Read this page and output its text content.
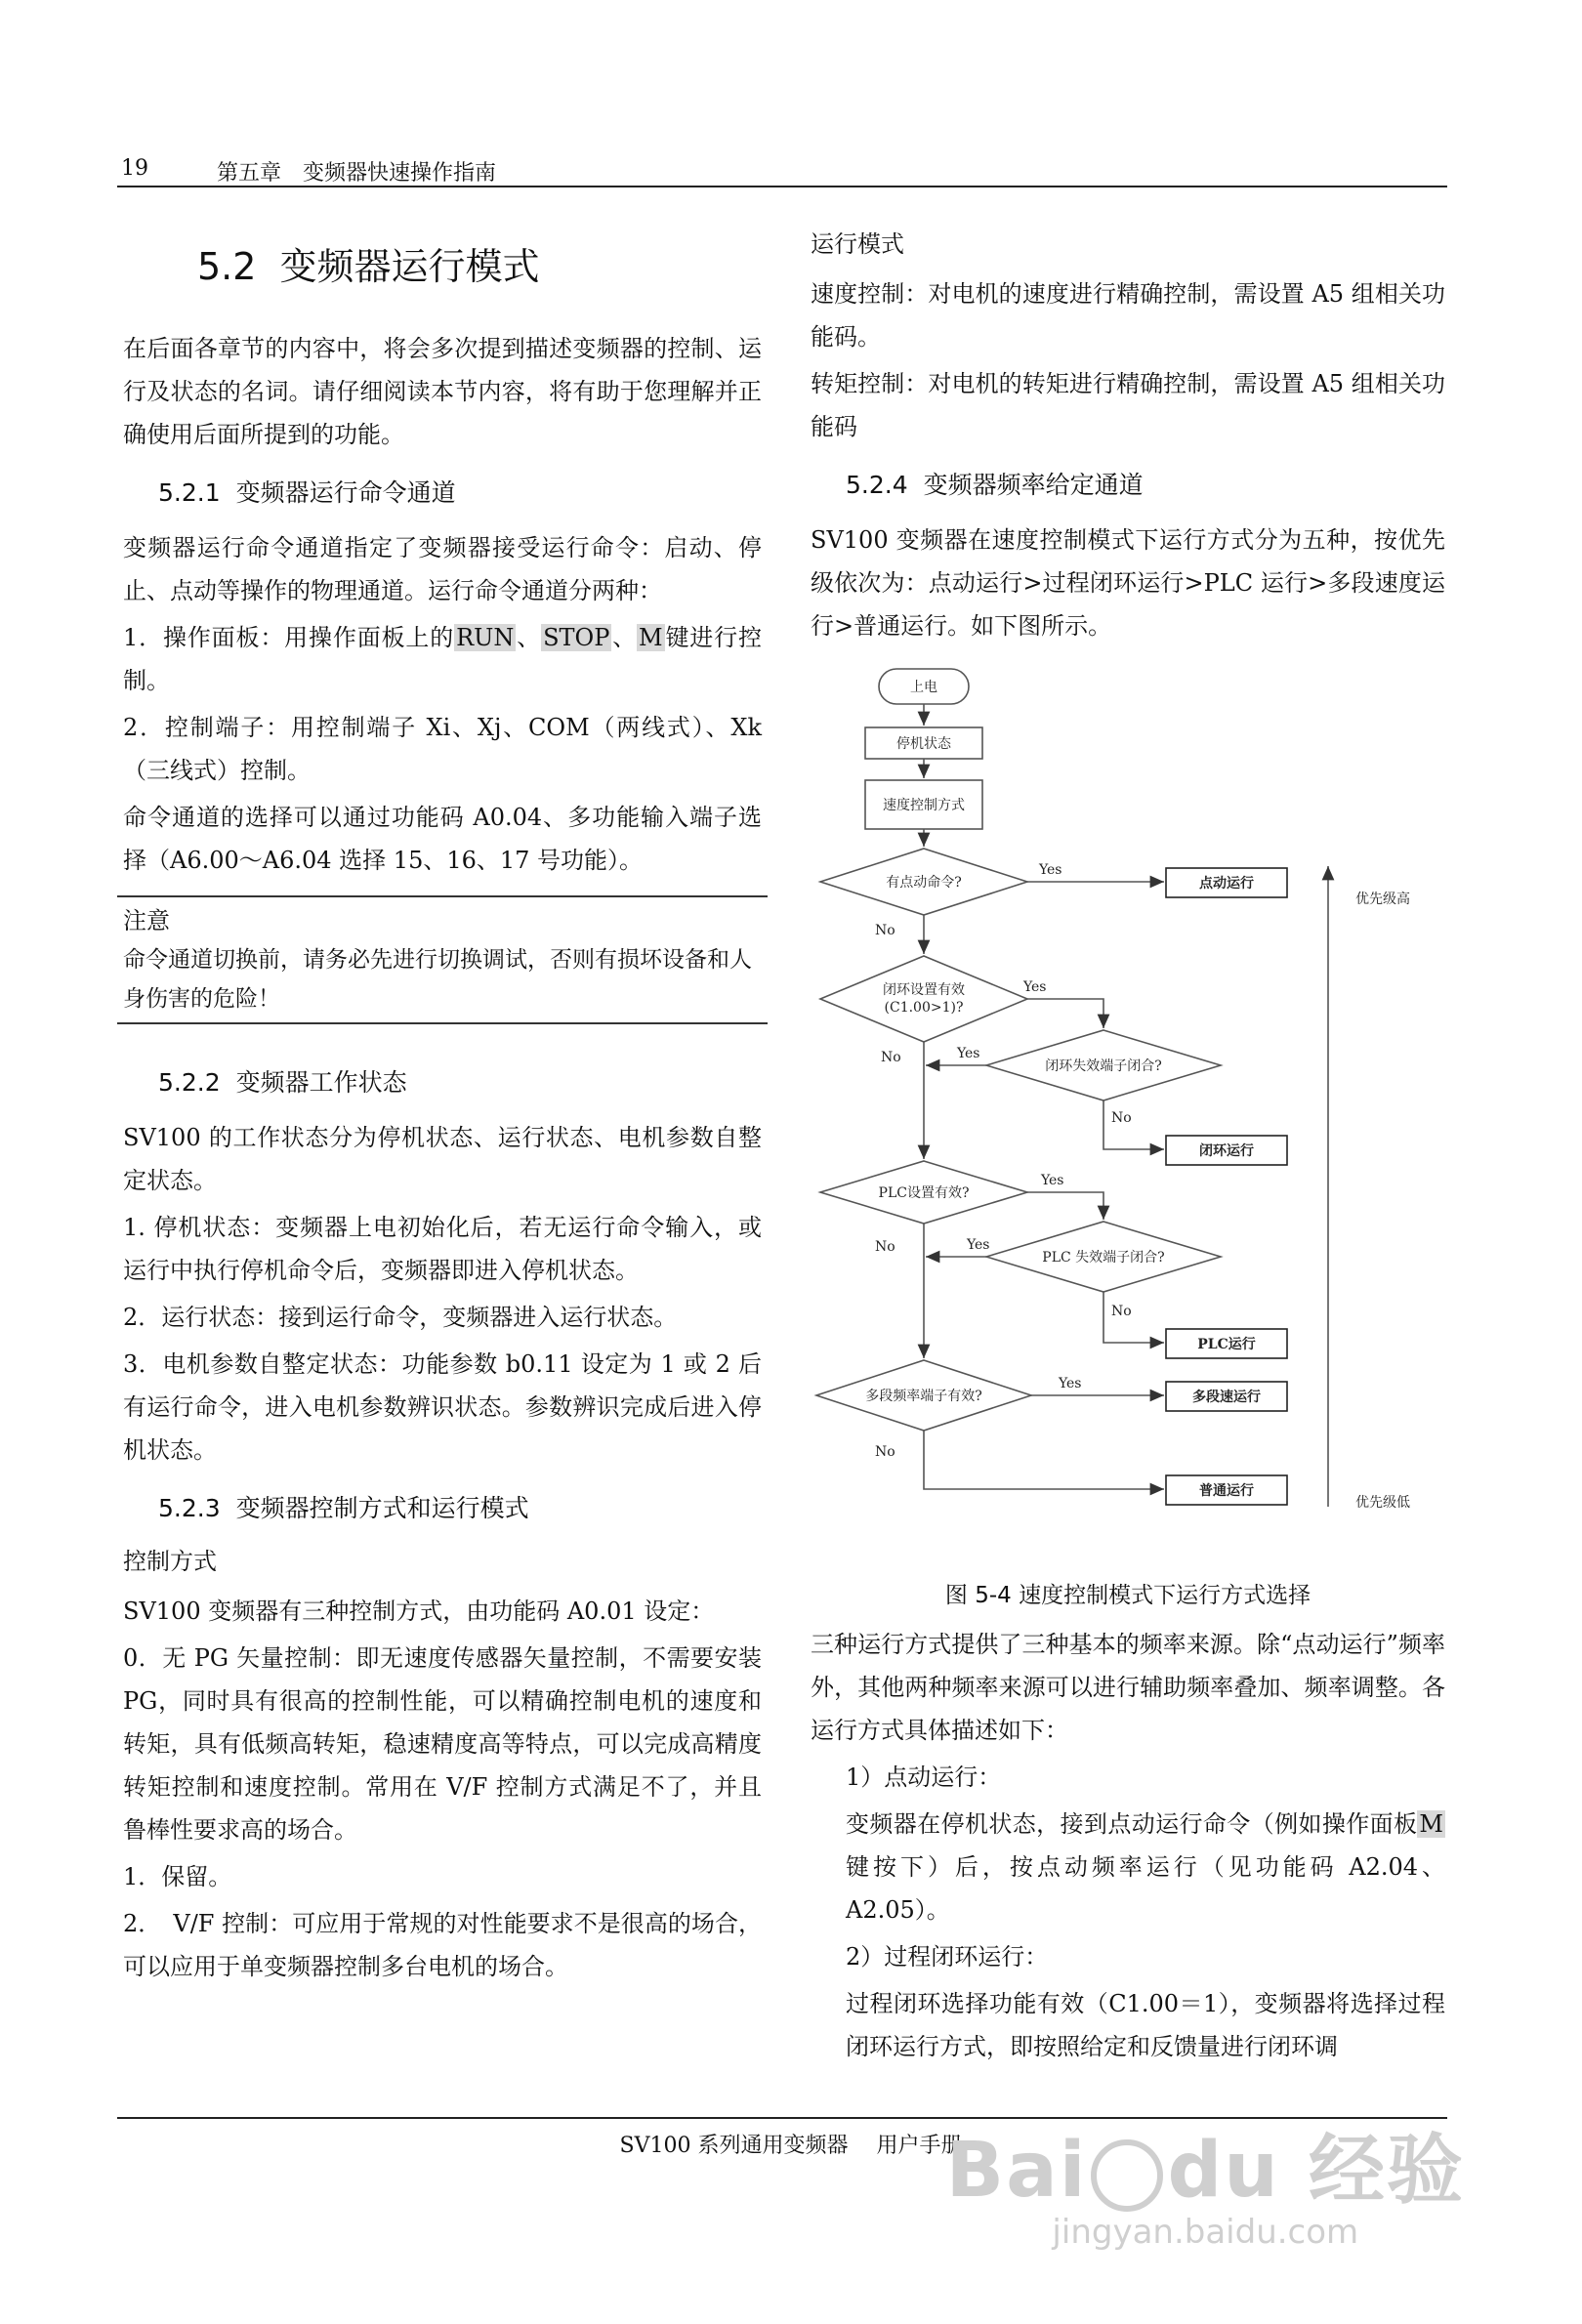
19	第五章　变频器快速操作指南
5.2 变频器运行模式

在后面各章节的内容中，将会多次提到描述变频器的控制、运行及状态的名词。请仔细阅读本节内容，将有助于您理解并正确使用后面所提到的功能。

5.2.1 变频器运行命令通道

变频器运行命令通道指定了变频器接受运行命令：启动、停止、点动等操作的物理通道。运行命令通道分两种：

1．操作面板：用操作面板上的RUN、STOP、M键进行控制。

2．控制端子：用控制端子 Xi、Xj、COM（两线式）、Xk（三线式）控制。

命令通道的选择可以通过功能码 A0.04、多功能输入端子选择（A6.00～A6.04 选择 15、16、17 号功能）。

注意
命令通道切换前，请务必先进行切换调试，否则有损坏设备和人身伤害的危险！
5.2.2 变频器工作状态

SV100 的工作状态分为停机状态、运行状态、电机参数自整定状态。

1. 停机状态：变频器上电初始化后，若无运行命令输入，或运行中执行停机命令后，变频器即进入停机状态。

2．运行状态：接到运行命令，变频器进入运行状态。

3．电机参数自整定状态：功能参数 b0.11 设定为 1 或 2 后有运行命令，进入电机参数辨识状态。参数辨识完成后进入停机状态。

5.2.3 变频器控制方式和运行模式
控制方式

SV100 变频器有三种控制方式，由功能码 A0.01 设定：

0．无 PG 矢量控制：即无速度传感器矢量控制，不需要安装 PG，同时具有很高的控制性能，可以精确控制电机的速度和转矩，具有低频高转矩，稳速精度高等特点，可以完成高精度转矩控制和速度控制。常用在 V/F 控制方式满足不了，并且鲁棒性要求高的场合。

1．保留。

2．　V/F 控制：可应用于常规的对性能要求不是很高的场合，可以应用于单变频器控制多台电机的场合。

运行模式

速度控制：对电机的速度进行精确控制，需设置 A5 组相关功能码。

转矩控制：对电机的转矩进行精确控制，需设置 A5 组相关功能码

5.2.4 变频器频率给定通道

SV100 变频器在速度控制模式下运行方式分为五种，按优先级依次为：点动运行>过程闭环运行>PLC 运行>多段速度运行>普通运行。如下图所示。

上电
停机状态
速度控制方式
有点动命令?
闭环设置有效
(C1.00>1)?
闭环失效端子闭合?
PLC设置有效?
PLC 失效端子闭合?
多段频率端子有效?
点动运行
闭环运行
PLC运行
多段速运行
普通运行
Yes
No
Yes
No	Yes
No
Yes
No	Yes
No
Yes
No
优先级高
优先级低
图 5-4 速度控制模式下运行方式选择

三种运行方式提供了三种基本的频率来源。除“点动运行”频率外，其他两种频率来源可以进行辅助频率叠加、频率调整。各运行方式具体描述如下：

1）点动运行：

变频器在停机状态，接到点动运行命令（例如操作面板M键按下）后，按点动频率运行（见功能码 A2.04、A2.05）。

2）过程闭环运行：

过程闭环选择功能有效（C1.00＝1），变频器将选择过程闭环运行方式，即按照给定和反馈量进行闭环调

SV100 系列通用变频器　 用户手册
Bai du 经验
jingyan.baidu.com
